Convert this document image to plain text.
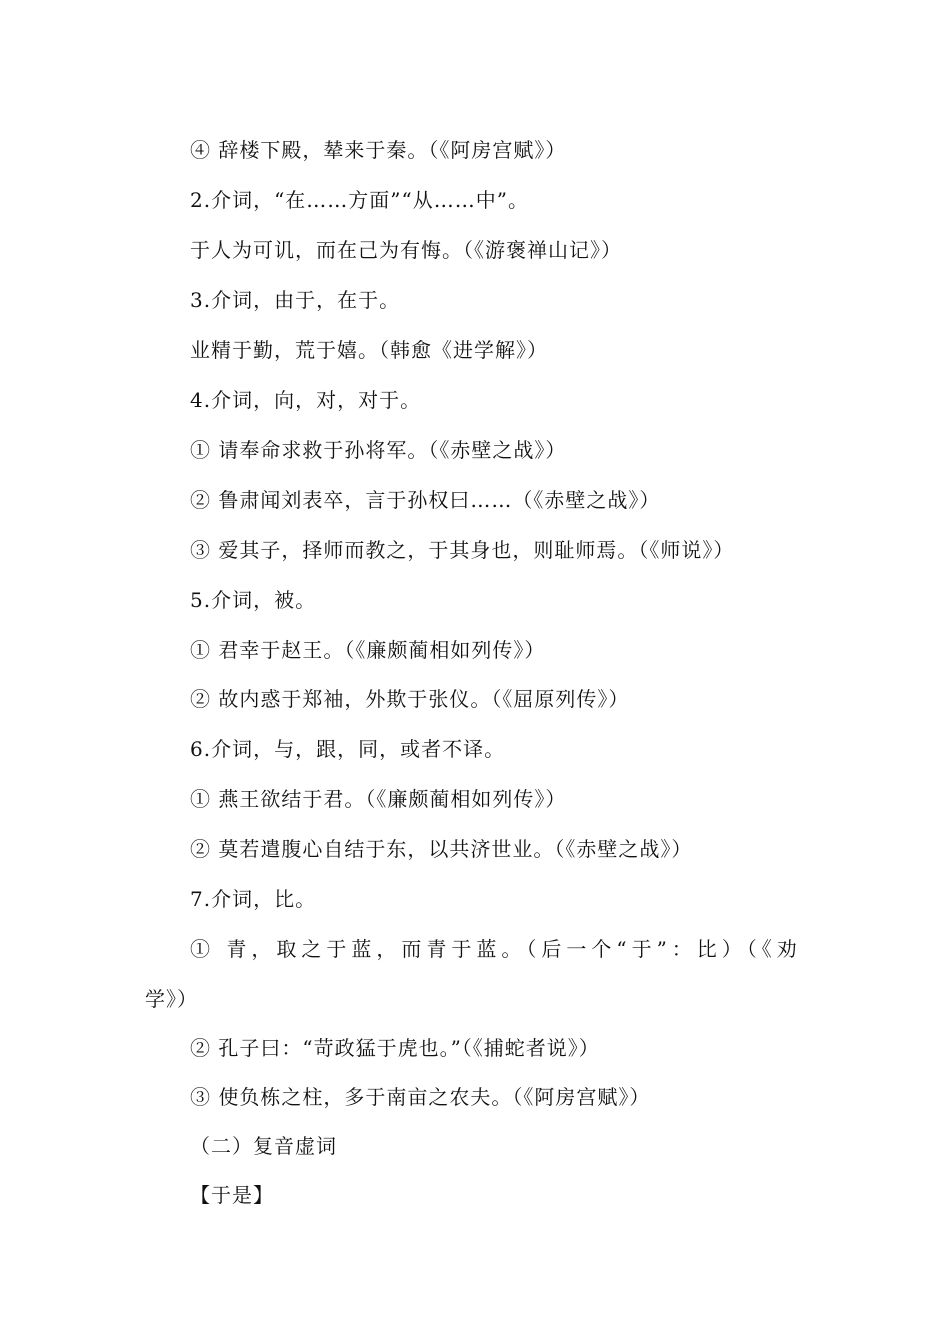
④ 辞楼下殿，辇来于秦。（《阿房宫赋》）
2.介词，“在……方面”“从……中”。
于人为可讥，而在己为有悔。（《游褒禅山记》）
3.介词，由于，在于。
业精于勤，荒于嬉。（韩愈《进学解》）
4.介词，向，对，对于。
① 请奉命求救于孙将军。（《赤壁之战》）
② 鲁肃闻刘表卒，言于孙权曰……（《赤壁之战》）
③ 爱其子，择师而教之，于其身也，则耻师焉。（《师说》）
5.介词，被。
① 君幸于赵王。（《廉颇蔺相如列传》）
② 故内惑于郑袖，外欺于张仪。（《屈原列传》）
6.介词，与，跟，同，或者不译。
① 燕王欲结于君。（《廉颇蔺相如列传》）
② 莫若遣腹心自结于东，以共济世业。（《赤壁之战》）
7.介词，比。
① 青，取之于蓝，而青于蓝。（后一个“于”：比）（《劝
学》）
② 孔子曰：“苛政猛于虎也。”（《捕蛇者说》）
③ 使负栋之柱，多于南亩之农夫。（《阿房宫赋》）
（二）复音虚词
【于是】
